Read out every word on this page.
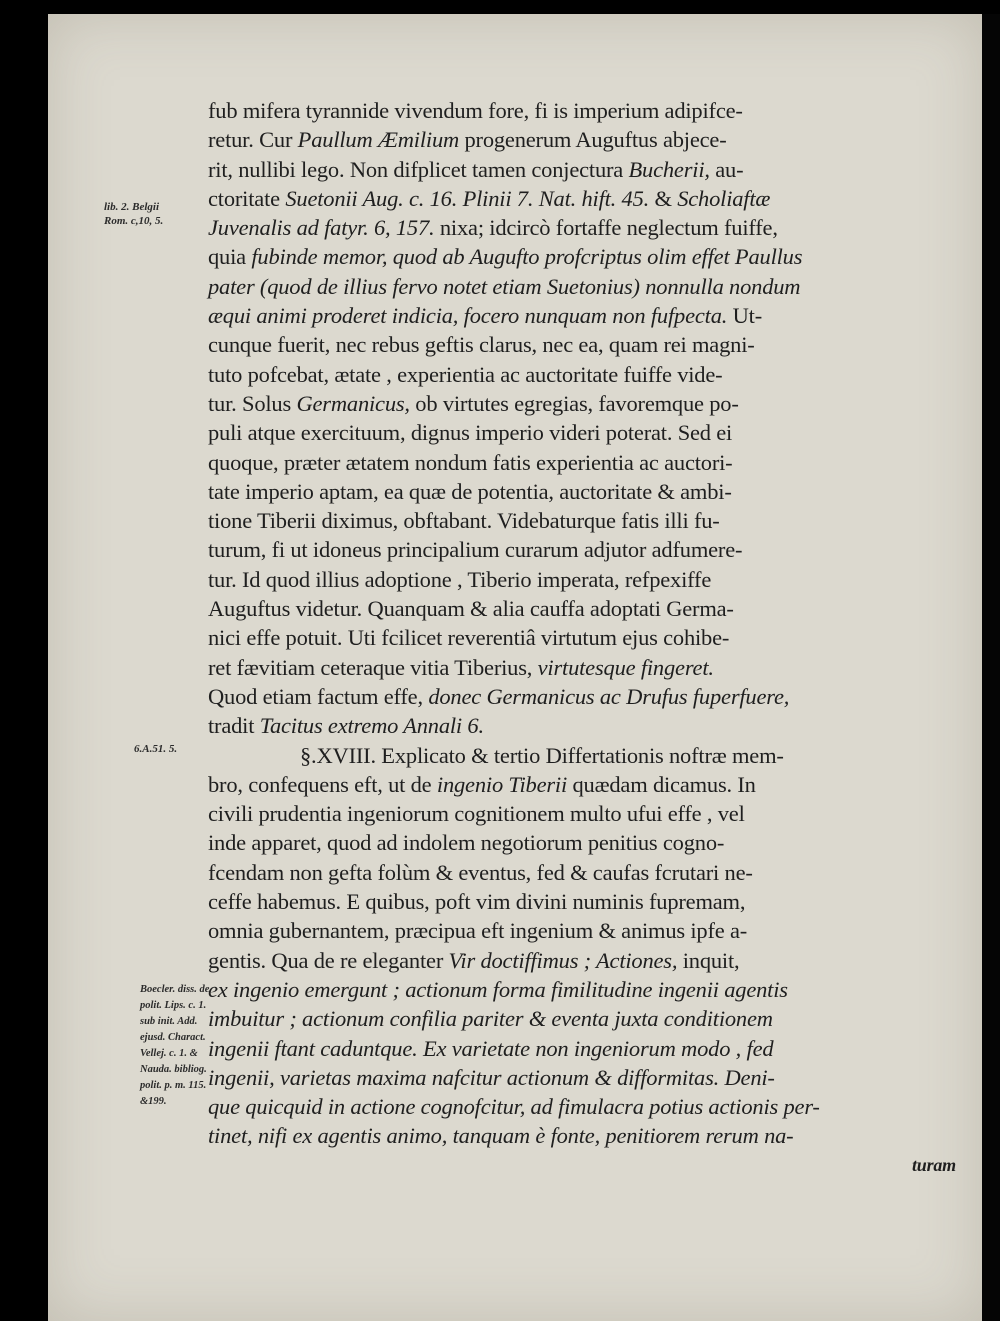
lib. 2. Belgii
Rom. c,10, 5.
6.A.51. 5.
Boecler. diss. de
polit. Lips. c. 1.
sub init. Add.
ejusd. Charact.
Vellej. c. 1. &
Nauda. bibliog.
polit. p. m. 115.
&199.
fub mifera tyrannide vivendum fore, fi is imperium adipifce-
retur. Cur Paullum Æmilium progenerum Auguftus abjece-
rit, nullibi lego. Non difplicet tamen conjectura Bucherii, au-
ctoritate Suetonii Aug. c. 16. Plinii 7. Nat. hift. 45. & Scholiaftæ
Juvenalis ad fatyr. 6, 157. nixa; idcircò fortaffe neglectum fuiffe,
quia fubinde memor, quod ab Augufto profcriptus olim effet Paullus
pater (quod de illius fervo notet etiam Suetonius) nonnulla nondum
æqui animi proderet indicia, focero nunquam non fufpecta. Ut-
cunque fuerit, nec rebus geftis clarus, nec ea, quam rei magni-
tuto pofcebat, ætate , experientia ac auctoritate fuiffe vide-
tur. Solus Germanicus, ob virtutes egregias, favoremque po-
puli atque exercituum, dignus imperio videri poterat. Sed ei
quoque, præter ætatem nondum fatis experientia ac auctori-
tate imperio aptam, ea quæ de potentia, auctoritate & ambi-
tione Tiberii diximus, obftabant. Videbaturque fatis illi fu-
turum, fi ut idoneus principalium curarum adjutor adfumere-
tur. Id quod illius adoptione , Tiberio imperata, refpexiffe
Auguftus videtur. Quanquam & alia cauffa adoptati Germa-
nici effe potuit. Uti fcilicet reverentiâ virtutum ejus cohibe-
ret fævitiam ceteraque vitia Tiberius, virtutesque fingeret.
Quod etiam factum effe, donec Germanicus ac Drufus fuperfuere,
tradit Tacitus extremo Annali 6.
§.XVIII. Explicato & tertio Differtationis noftræ mem-
bro, confequens eft, ut de ingenio Tiberii quædam dicamus. In
civili prudentia ingeniorum cognitionem multo ufui effe , vel
inde apparet, quod ad indolem negotiorum penitius cogno-
fcendam non gefta folùm & eventus, fed & caufas fcrutari ne-
ceffe habemus. E quibus, poft vim divini numinis fupremam,
omnia gubernantem, præcipua eft ingenium & animus ipfe a-
gentis. Qua de re eleganter Vir doctiffimus ; Actiones, inquit,
ex ingenio emergunt ; actionum forma fimilitudine ingenii agentis
imbuitur ; actionum confilia pariter & eventa juxta conditionem
ingenii ftant caduntque. Ex varietate non ingeniorum modo , fed
ingenii, varietas maxima nafcitur actionum & difformitas. Deni-
que quicquid in actione cognofcitur, ad fimulacra potius actionis per-
tinet, nifi ex agentis animo, tanquam è fonte, penitiorem rerum na-
turam
